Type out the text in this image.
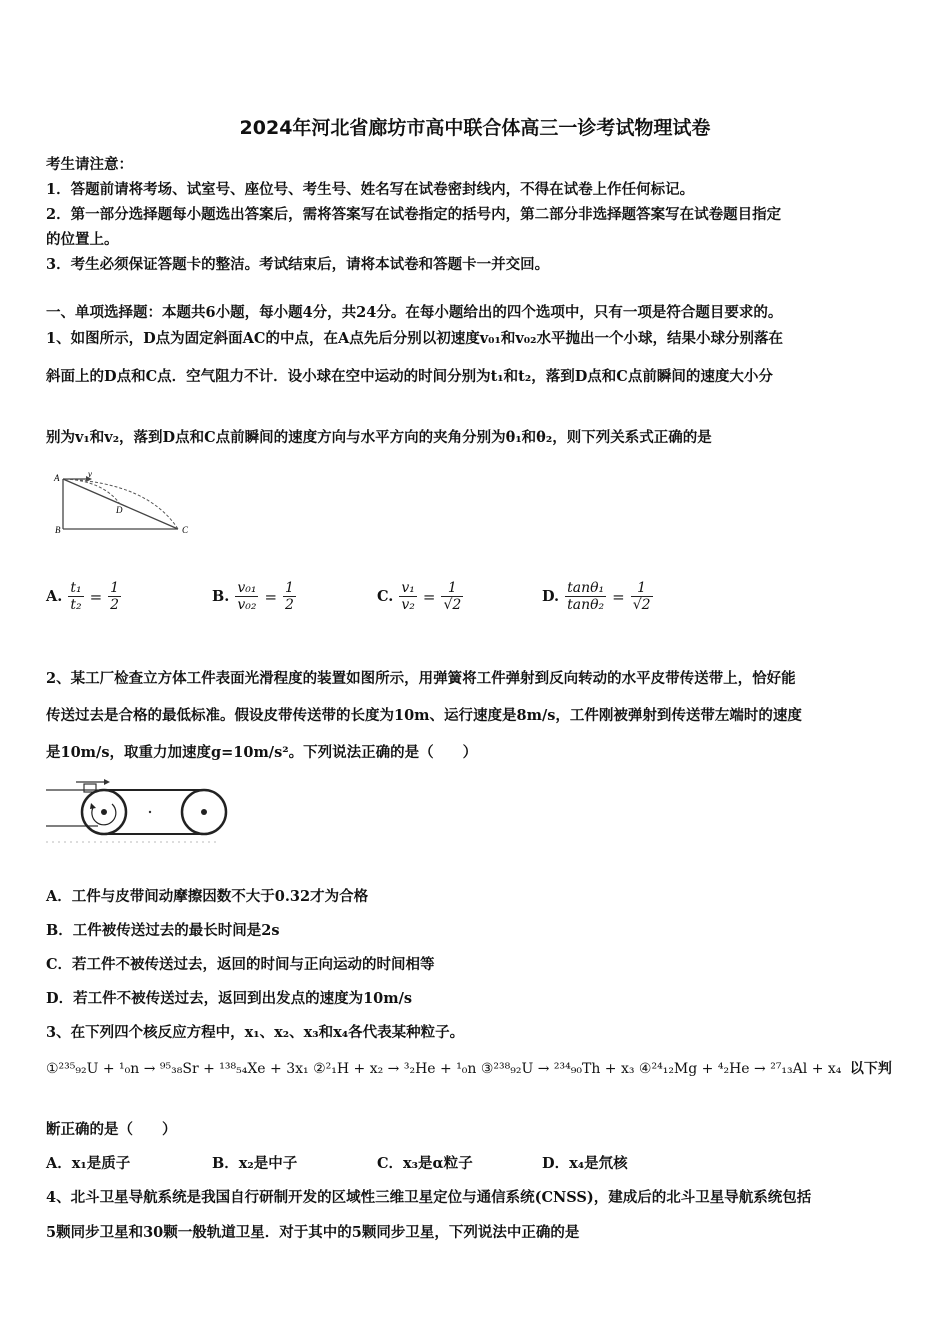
2024年河北省廊坊市高中联合体高三一诊考试物理试卷
考生请注意：
1．答题前请将考场、试室号、座位号、考生号、姓名写在试卷密封线内，不得在试卷上作任何标记。
2．第一部分选择题每小题选出答案后，需将答案写在试卷指定的括号内，第二部分非选择题答案写在试卷题目指定
的位置上。
3．考生必须保证答题卡的整洁。考试结束后，请将本试卷和答题卡一并交回。
一、单项选择题：本题共6小题，每小题4分，共24分。在每小题给出的四个选项中，只有一项是符合题目要求的。
1、如图所示，D点为固定斜面AC的中点，在A点先后分别以初速度v₀₁和v₀₂水平抛出一个小球，结果小球分别落在
斜面上的D点和C点．空气阻力不计．设小球在空中运动的时间分别为t₁和t₂，落到D点和C点前瞬间的速度大小分
别为v₁和v₂，落到D点和C点前瞬间的速度方向与水平方向的夹角分别为θ₁和θ₂，则下列关系式正确的是
A	v
D
B	C
A. $\frac{\text{t₁}}{\text{t₂}} = \frac{1}{2}$	B. $\frac{\text{v₀₁}}{\text{v₀₂}} = \frac{1}{2}$	C. $\frac{\text{v₁}}{\text{v₂}} = \frac{1}{√2}$	D. $\frac{\text{tanθ₁}}{\text{tanθ₂}} = \frac{1}{√2}$
2、某工厂检查立方体工件表面光滑程度的装置如图所示，用弹簧将工件弹射到反向转动的水平皮带传送带上，恰好能
传送过去是合格的最低标准。假设皮带传送带的长度为10m、运行速度是8m/s，工件刚被弹射到传送带左端时的速度
是10m/s，取重力加速度g=10m/s²。下列说法正确的是（　　）
A．工件与皮带间动摩擦因数不大于0.32才为合格
B．工件被传送过去的最长时间是2s
C．若工件不被传送过去，返回的时间与正向运动的时间相等
D．若工件不被传送过去，返回到出发点的速度为10m/s
3、在下列四个核反应方程中，x₁、x₂、x₃和x₄各代表某种粒子。
①²³⁵₉₂U + ¹₀n → ⁹⁵₃₈Sr + ¹³⁸₅₄Xe + 3x₁ ②²₁H + x₂ → ³₂He + ¹₀n ③²³⁸₉₂U → ²³⁴₉₀Th + x₃ ④²⁴₁₂Mg + ⁴₂He → ²⁷₁₃Al + x₄ 以下判
断正确的是（　　）
A．x₁是质子	B．x₂是中子	C．x₃是α粒子	D．x₄是氘核
4、北斗卫星导航系统是我国自行研制开发的区域性三维卫星定位与通信系统(CNSS)，建成后的北斗卫星导航系统包括
5颗同步卫星和30颗一般轨道卫星．对于其中的5颗同步卫星，下列说法中正确的是
